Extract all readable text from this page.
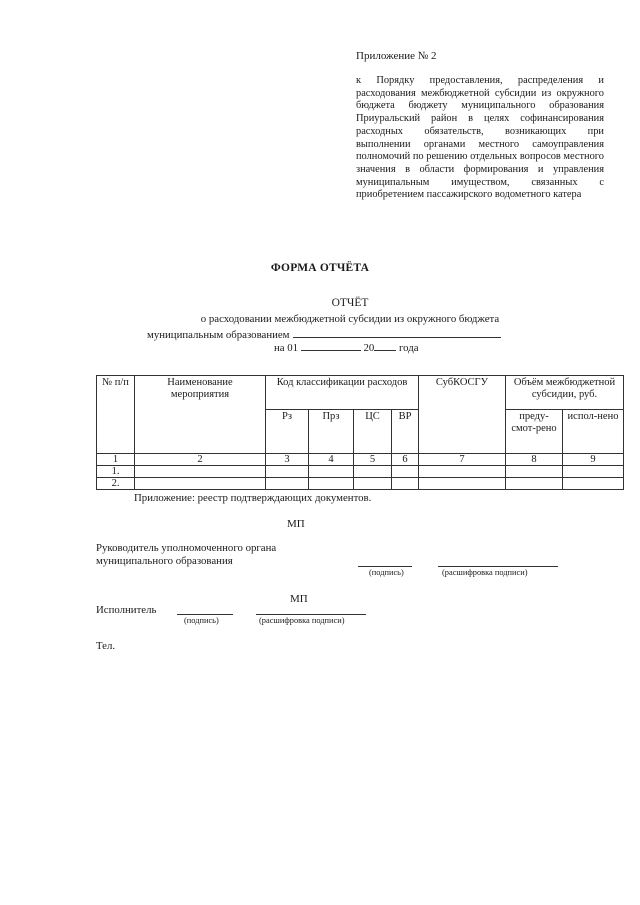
Приложение № 2
к Порядку предоставления, распределения и расходования межбюджетной субсидии из окружного бюджета бюджету муниципального образования Приуральский район в целях софинансирования расходных обязательств, возникающих при выполнении органами местного самоуправления полномочий по решению отдельных вопросов местного значения в области формирования и управления муниципальным имуществом, связанных с приобретением пассажирского водометного катера
ФОРМА ОТЧЁТА
ОТЧЁТ
о расходовании межбюджетной субсидии из окружного бюджета
муниципальным образованием
на 01	20 года
№ п/п	Наименование мероприятия	Код классификации расходов				СубКОСГУ	Объём межбюджетной субсидии, руб.	
		Рз	Прз	ЦС	ВР		преду-смот-рено	испол-нено
1	2	3	4	5	6	7	8	9
1.								
2.								
Приложение: реестр подтверждающих документов.
МП
Руководитель уполномоченного органа муниципального образования
(подпись)	(расшифровка подписи)
МП
Исполнитель
(подпись)	(расшифровка подписи)
Тел.
